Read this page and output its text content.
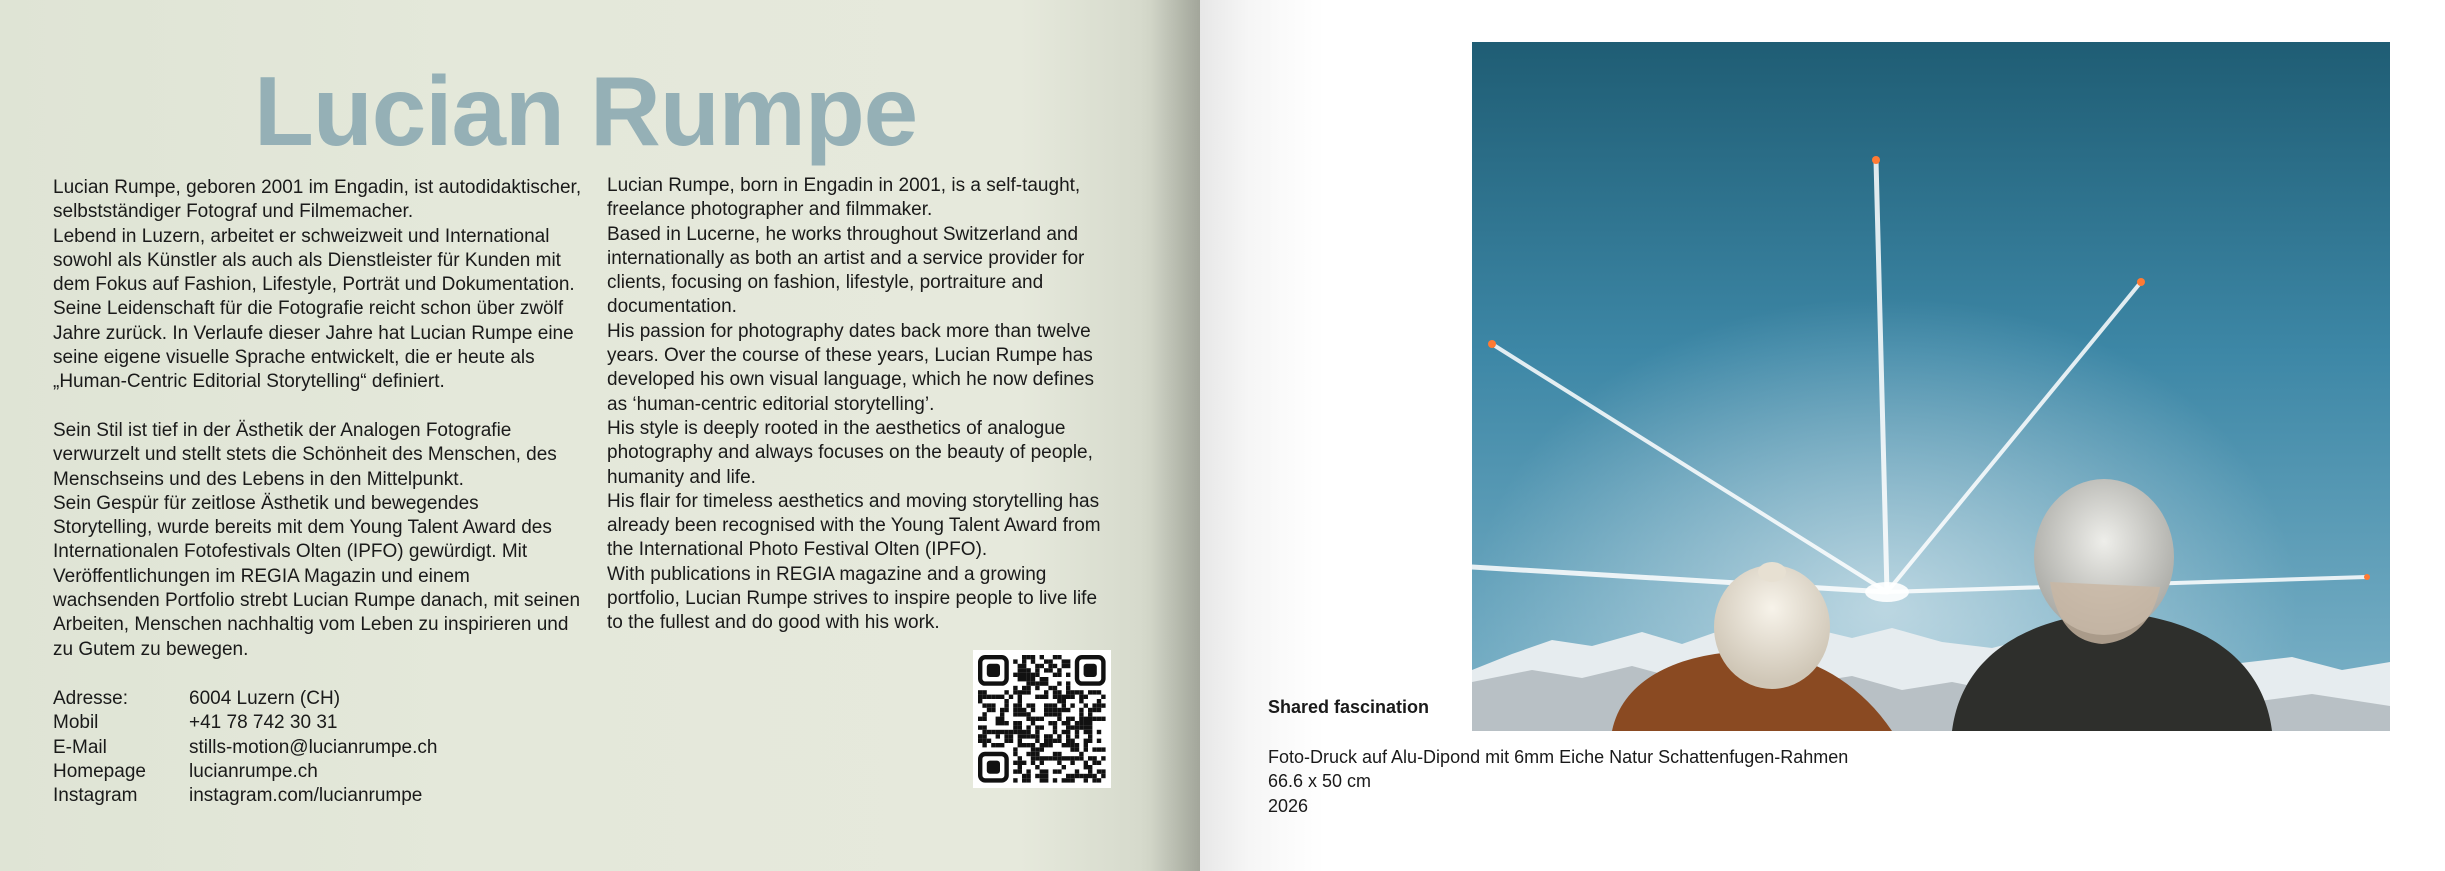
Lucian Rumpe
Lucian Rumpe, geboren 2001 im Engadin, ist autodidaktischer,
selbstständiger Fotograf und Filmemacher.
Lebend in Luzern, arbeitet er schweizweit und International
sowohl als Künstler als auch als Dienstleister für Kunden mit
dem Fokus auf Fashion, Lifestyle, Porträt und Dokumentation.
Seine Leidenschaft für die Fotografie reicht schon über zwölf
Jahre zurück. In Verlaufe dieser Jahre hat Lucian Rumpe eine
seine eigene visuelle Sprache entwickelt, die er heute als
„Human-Centric Editorial Storytelling“ definiert.

Sein Stil ist tief in der Ästhetik der Analogen Fotografie
verwurzelt und stellt stets die Schönheit des Menschen, des
Menschseins und des Lebens in den Mittelpunkt.
Sein Gespür für zeitlose Ästhetik und bewegendes
Storytelling, wurde bereits mit dem Young Talent Award des
Internationalen Fotofestivals Olten (IPFO) gewürdigt. Mit
Veröffentlichungen im REGIA Magazin und einem
wachsenden Portfolio strebt Lucian Rumpe danach, mit seinen
Arbeiten, Menschen nachhaltig vom Leben zu inspirieren und
zu Gutem zu bewegen.
Lucian Rumpe, born in Engadin in 2001, is a self-taught,
freelance photographer and filmmaker.
Based in Lucerne, he works throughout Switzerland and
internationally as both an artist and a service provider for
clients, focusing on fashion, lifestyle, portraiture and
documentation.
His passion for photography dates back more than twelve
years. Over the course of these years, Lucian Rumpe has
developed his own visual language, which he now defines
as ‘human-centric editorial storytelling’.
His style is deeply rooted in the aesthetics of analogue
photography and always focuses on the beauty of people,
humanity and life.
His flair for timeless aesthetics and moving storytelling has
already been recognised with the Young Talent Award from
the International Photo Festival Olten (IPFO).
With publications in REGIA magazine and a growing
portfolio, Lucian Rumpe strives to inspire people to live life
to the fullest and do good with his work.
Adresse:	6004 Luzern (CH)
Mobil	+41 78 742 30 31
E-Mail	stills-motion@lucianrumpe.ch
Homepage	lucianrumpe.ch
Instagram	instagram.com/lucianrumpe
Shared fascination
Foto-Druck auf Alu-Dipond mit 6mm Eiche Natur Schattenfugen-Rahmen
66.6 x 50 cm
2026
